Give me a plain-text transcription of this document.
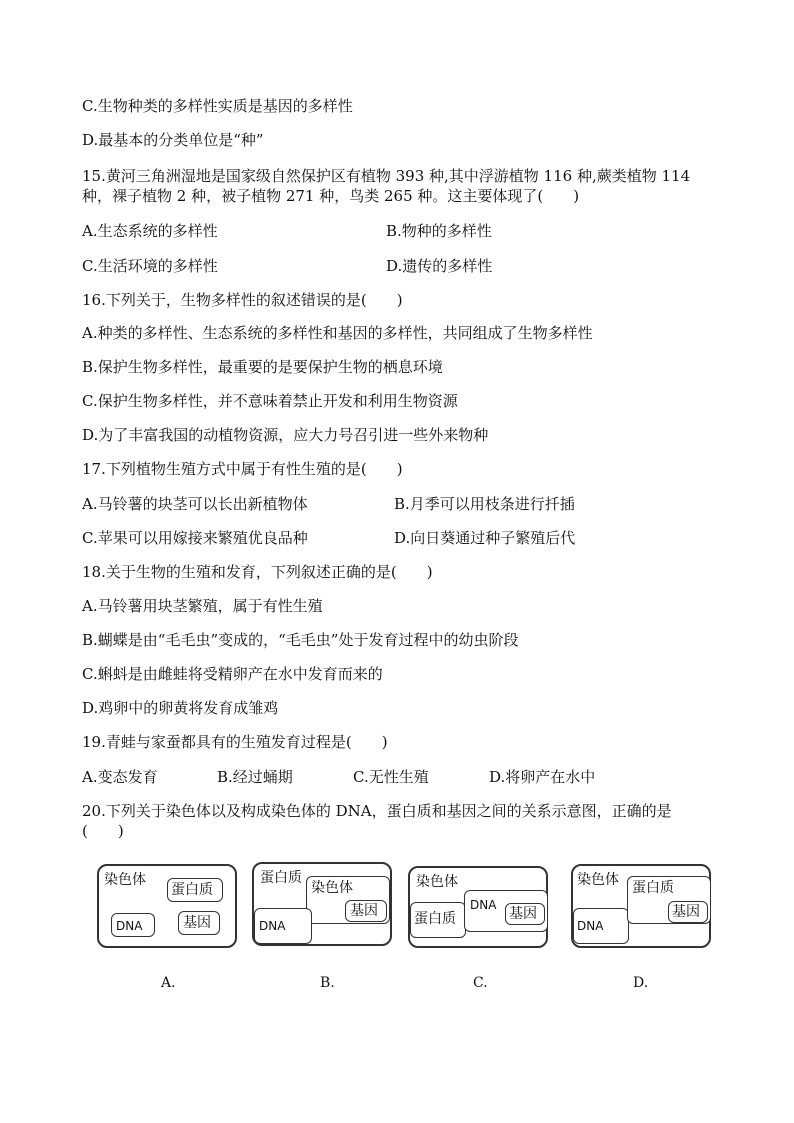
C.生物种类的多样性实质是基因的多样性
D.最基本的分类单位是“种”
15.黄河三角洲湿地是国家级自然保护区有植物 393 种,其中浮游植物 116 种,蕨类植物 114
种，裸子植物 2 种，被子植物 271 种，鸟类 265 种。这主要体现了(　　)
A.生态系统的多样性	B.物种的多样性
C.生活环境的多样性	D.遗传的多样性
16.下列关于，生物多样性的叙述错误的是(　　)
A.种类的多样性、生态系统的多样性和基因的多样性，共同组成了生物多样性
B.保护生物多样性，最重要的是要保护生物的栖息环境
C.保护生物多样性，并不意味着禁止开发和利用生物资源
D.为了丰富我国的动植物资源，应大力号召引进一些外来物种
17.下列植物生殖方式中属于有性生殖的是(　　)
A.马铃薯的块茎可以长出新植物体	B.月季可以用枝条进行扦插
C.苹果可以用嫁接来繁殖优良品种	D.向日葵通过种子繁殖后代
18.关于生物的生殖和发育，下列叙述正确的是(　　)
A.马铃薯用块茎繁殖，属于有性生殖
B.蝴蝶是由“毛毛虫”变成的，“毛毛虫”处于发育过程中的幼虫阶段
C.蝌蚪是由雌蛙将受精卵产在水中发育而来的
D.鸡卵中的卵黄将发育成雏鸡
19.青蛙与家蚕都具有的生殖发育过程是(　　)
A.变态发育	B.经过蛹期	C.无性生殖	D.将卵产在水中
20.下列关于染色体以及构成染色体的 DNA，蛋白质和基因之间的关系示意图，正确的是
(　　)
染色体
蛋白质
DNA	基因
蛋白质
染色体
基因
DNA
染色体
蛋白质
DNA
基因
染色体
DNA
蛋白质
基因
A.	B.	C.	D.
